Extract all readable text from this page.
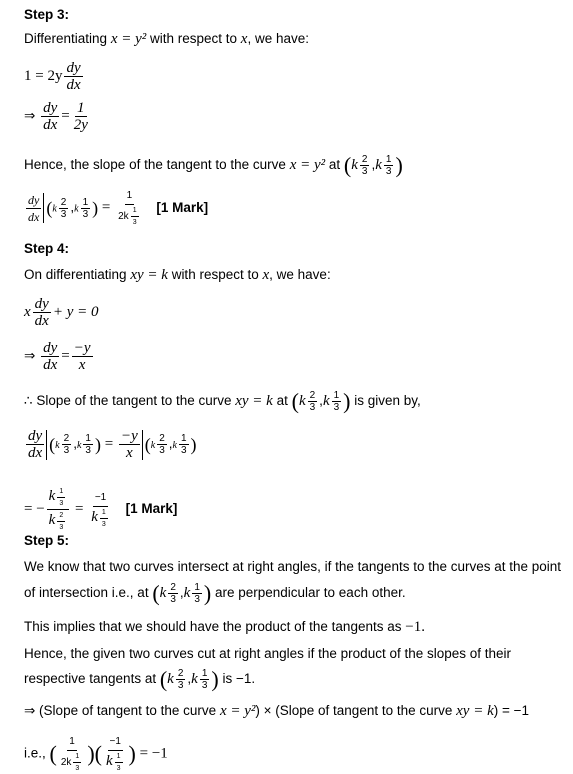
Step 3:
Differentiating x = y² with respect to x, we have:
$1 = 2y \frac{dy}{dx}$
⇒ $\frac{dy}{dx} = \frac{1}{2y}$
Hence, the slope of the tangent to the curve x = y² at ($k \frac{2}{3} ,k \frac{1}{3}$ )
$\frac{dy}{dx} (k \frac{2}{3} ,k \frac{1}{3}$ ) = $\frac{1}{2k \frac{1}{3}} [1$ Mark]
Step 4:
On differentiating xy = k with respect to x, we have:
x $\frac{dy}{dx} + y = 0$
⇒ $\frac{dy}{dx} = \frac{-y}{x}$
∴ Slope of the tangent to the curve xy = k at ($k \frac{2}{3} ,k \frac{1}{3}$ ) is given by,
$\frac{dy}{dx} (k \frac{2}{3} ,k \frac{1}{3}$ ) = $\frac{-y}{x} (k \frac{2}{3} ,k \frac{1}{3}$ )
= − $\frac{k \frac{1}{3}}{k \frac{2}{3}} = \frac{-1}{k \frac{1}{3}} [1$ Mark]
Step 5:
We know that two curves intersect at right angles, if the tangents to the curves at the point
of intersection i.e., at ($k \frac{2}{3} ,k \frac{1}{3}$ ) are perpendicular to each other.
This implies that we should have the product of the tangents as −1.
Hence, the given two curves cut at right angles if the product of the slopes of their
respective tangents at ($k \frac{2}{3} ,k \frac{1}{3}$ ) is −1.
⇒ (Slope of tangent to the curve x = y²) × (Slope of tangent to the curve xy = k) = −1
i.e., ( $\frac{1}{2k \frac{1}{3}}$ )( $\frac{-1}{k \frac{1}{3}}$ ) = −1
